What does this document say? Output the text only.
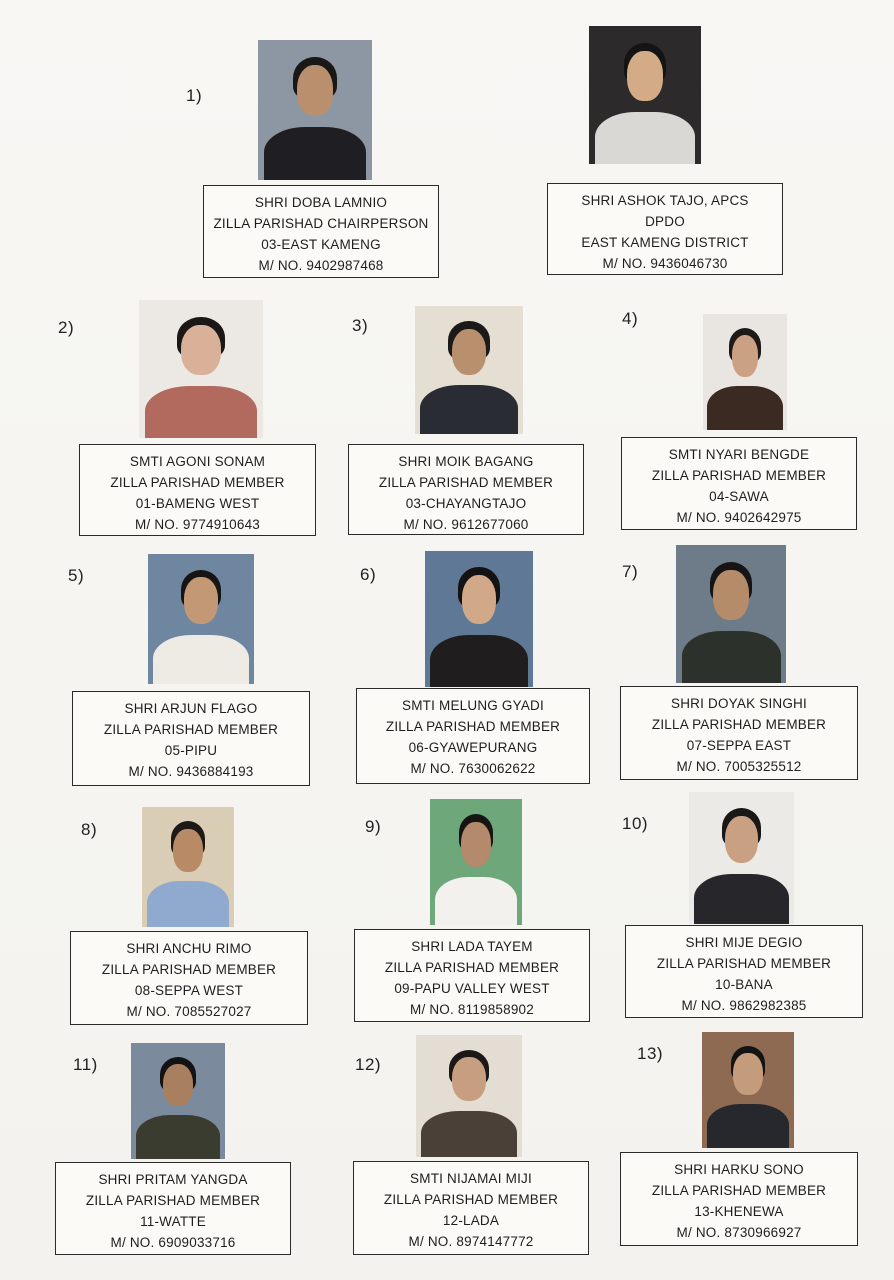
1)
SHRI DOBA LAMNIO
ZILLA PARISHAD CHAIRPERSON
03-EAST KAMENG
M/ NO. 9402987468
SHRI ASHOK TAJO, APCS
DPDO
EAST KAMENG DISTRICT
M/ NO. 9436046730
2)
SMTI AGONI SONAM
ZILLA PARISHAD MEMBER
01-BAMENG WEST
M/ NO. 9774910643
3)
SHRI MOIK BAGANG
ZILLA PARISHAD MEMBER
03-CHAYANGTAJO
M/ NO. 9612677060
4)
SMTI NYARI BENGDE
ZILLA PARISHAD MEMBER
04-SAWA
M/ NO. 9402642975
5)
SHRI ARJUN FLAGO
ZILLA PARISHAD MEMBER
05-PIPU
M/ NO. 9436884193
6)
SMTI MELUNG GYADI
ZILLA PARISHAD MEMBER
06-GYAWEPURANG
M/ NO. 7630062622
7)
SHRI DOYAK SINGHI
ZILLA PARISHAD MEMBER
07-SEPPA EAST
M/ NO. 7005325512
8)
SHRI ANCHU RIMO
ZILLA PARISHAD MEMBER
08-SEPPA WEST
M/ NO. 7085527027
9)
SHRI LADA TAYEM
ZILLA PARISHAD MEMBER
09-PAPU VALLEY WEST
M/ NO. 8119858902
10)
SHRI MIJE DEGIO
ZILLA PARISHAD MEMBER
10-BANA
M/ NO. 9862982385
11)
SHRI PRITAM YANGDA
ZILLA PARISHAD MEMBER
11-WATTE
M/ NO. 6909033716
12)
SMTI NIJAMAI MIJI
ZILLA PARISHAD MEMBER
12-LADA
M/ NO. 8974147772
13)
SHRI HARKU SONO
ZILLA PARISHAD MEMBER
13-KHENEWA
M/ NO. 8730966927
